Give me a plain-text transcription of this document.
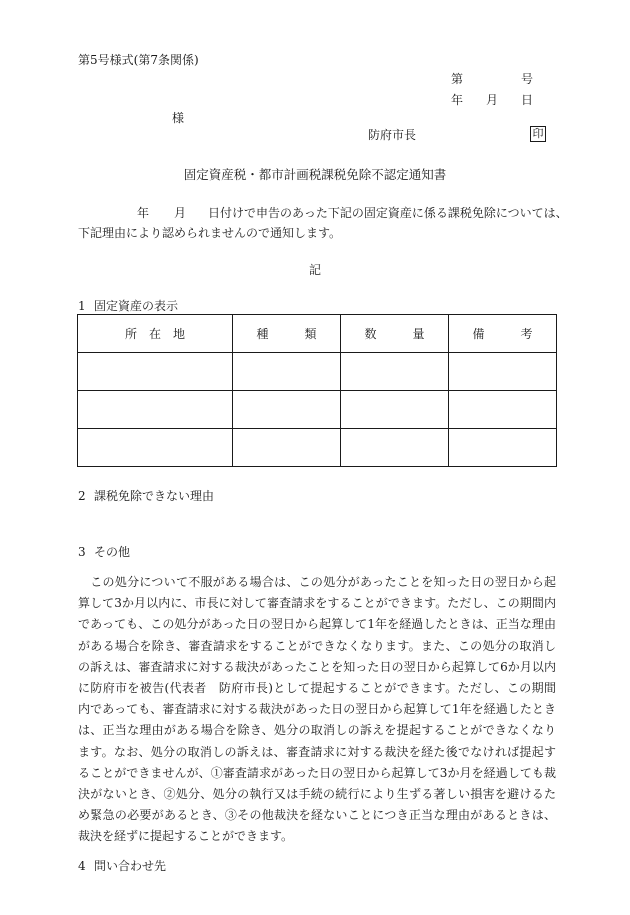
第5号様式(第7条関係)
第	号
年 月 日
様
防府市長	印
固定資産税・都市計画税課税免除不認定通知書
年 月 日付けで申告のあった下記の固定資産に係る課税免除については、
下記理由により認められませんので通知します。
記
1 固定資産の表示
所　在　地	種　　　類	数　　　量	備　　　考

2 課税免除できない理由
3 その他
　この処分について不服がある場合は、この処分があったことを知った日の翌日から起
算して3か月以内に、市長に対して審査請求をすることができます。ただし、この期間内
であっても、この処分があった日の翌日から起算して1年を経過したときは、正当な理由
がある場合を除き、審査請求をすることができなくなります。また、この処分の取消し
の訴えは、審査請求に対する裁決があったことを知った日の翌日から起算して6か月以内
に防府市を被告(代表者　防府市長)として提起することができます。ただし、この期間
内であっても、審査請求に対する裁決があった日の翌日から起算して1年を経過したとき
は、正当な理由がある場合を除き、処分の取消しの訴えを提起することができなくなり
ます。なお、処分の取消しの訴えは、審査請求に対する裁決を経た後でなければ提起す
ることができませんが、①審査請求があった日の翌日から起算して3か月を経過しても裁
決がないとき、②処分、処分の執行又は手続の続行により生ずる著しい損害を避けるた
め緊急の必要があるとき、③その他裁決を経ないことにつき正当な理由があるときは、
裁決を経ずに提起することができます。
4 問い合わせ先
